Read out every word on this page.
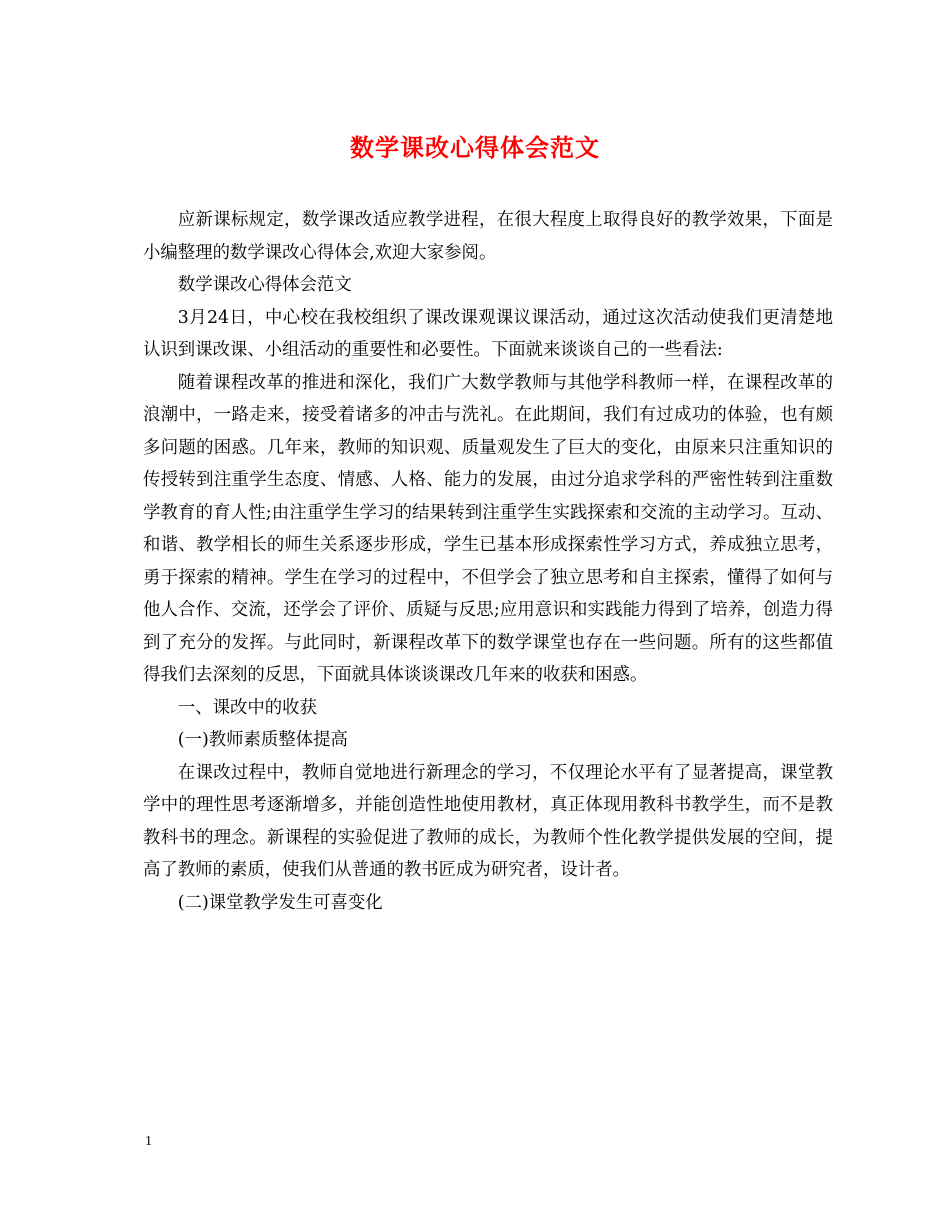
数学课改心得体会范文

应新课标规定，数学课改适应教学进程，在很大程度上取得良好的教学效果，下面是小编整理的数学课改心得体会,欢迎大家参阅。

数学课改心得体会范文

3月24日，中心校在我校组织了课改课观课议课活动，通过这次活动使我们更清楚地认识到课改课、小组活动的重要性和必要性。下面就来谈谈自己的一些看法:

随着课程改革的推进和深化，我们广大数学教师与其他学科教师一样，在课程改革的浪潮中，一路走来，接受着诸多的冲击与洗礼。在此期间，我们有过成功的体验，也有颇多问题的困惑。几年来，教师的知识观、质量观发生了巨大的变化，由原来只注重知识的传授转到注重学生态度、情感、人格、能力的发展，由过分追求学科的严密性转到注重数学教育的育人性;由注重学生学习的结果转到注重学生实践探索和交流的主动学习。互动、和谐、教学相长的师生关系逐步形成，学生已基本形成探索性学习方式，养成独立思考，勇于探索的精神。学生在学习的过程中，不但学会了独立思考和自主探索，懂得了如何与他人合作、交流，还学会了评价、质疑与反思;应用意识和实践能力得到了培养，创造力得到了充分的发挥。与此同时，新课程改革下的数学课堂也存在一些问题。所有的这些都值得我们去深刻的反思，下面就具体谈谈课改几年来的收获和困惑。

一、课改中的收获

(一)教师素质整体提高

在课改过程中，教师自觉地进行新理念的学习，不仅理论水平有了显著提高，课堂教学中的理性思考逐渐增多，并能创造性地使用教材，真正体现用教科书教学生，而不是教教科书的理念。新课程的实验促进了教师的成长，为教师个性化教学提供发展的空间，提高了教师的素质，使我们从普通的教书匠成为研究者，设计者。

(二)课堂教学发生可喜变化

1
